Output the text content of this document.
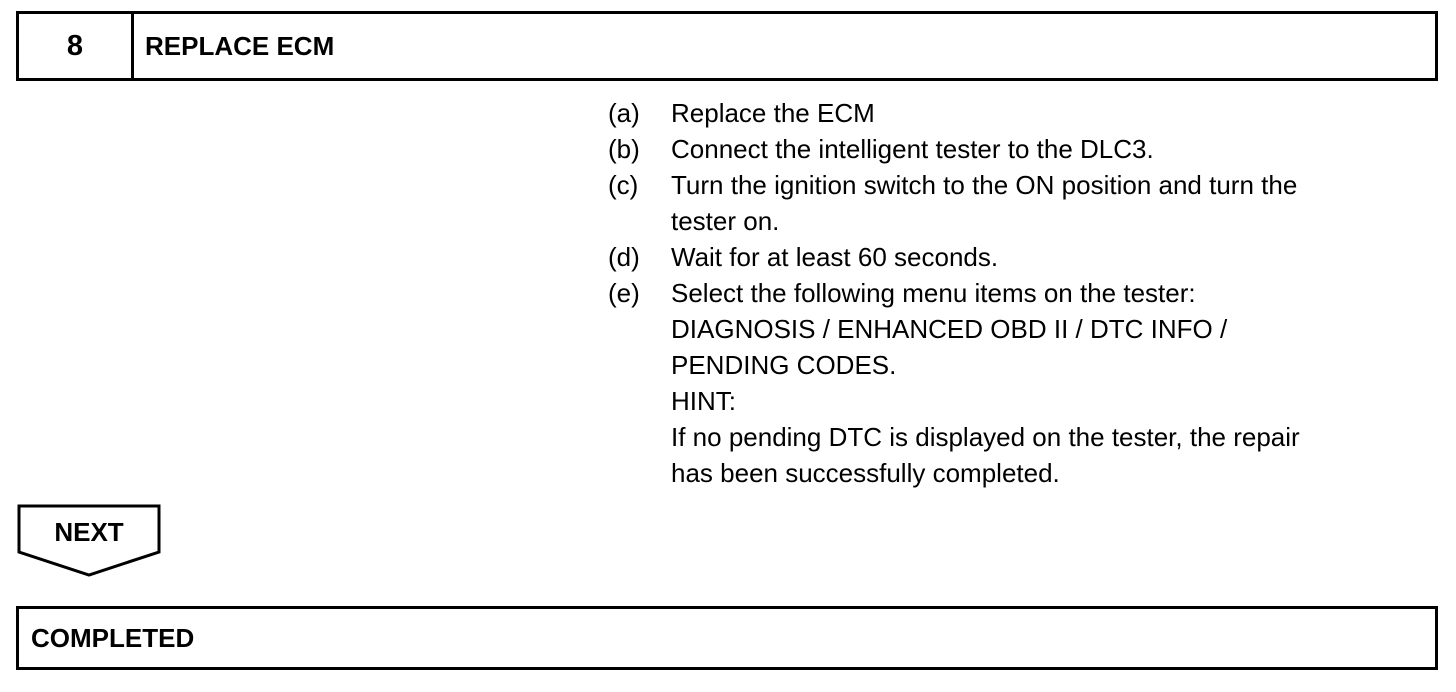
8	REPLACE ECM
(a)	Replace the ECM
(b)	Connect the intelligent tester to the DLC3.
(c)	Turn the ignition switch to the ON position and turn the
tester on.
(d)	Wait for at least 60 seconds.
(e)	Select the following menu items on the tester:
DIAGNOSIS / ENHANCED OBD II / DTC INFO /
PENDING CODES.
HINT:
If no pending DTC is displayed on the tester, the repair
has been successfully completed.
NEXT
COMPLETED
